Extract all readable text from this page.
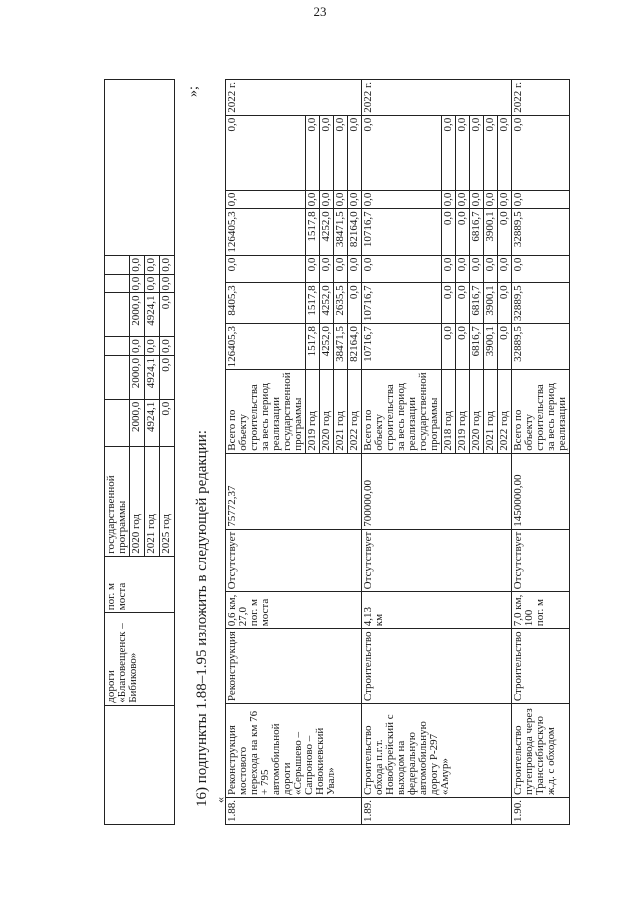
23
	дороги «Благовещенск – Бибиково»	пог. м моста	государственной программы							
			2020 год	2000,0	2000,0	0,0	2000,0	0,0	0,0	
			2021 год	4924,1	4924,1	0,0	4924,1	0,0	0,0	
			2025 год	0,0	0,0	0,0	0,0	0,0	0,0	
16) подпункты 1.88–1.95 изложить в следующей редакции: «
»;
1.88.	Реконструкция мостового перехода на км 76 + 795 автомобильной дороги «Серышево – Сапроново – Новокиевский Увал»	Реконструкция	0,6 км, 27,0 пог. м моста	Отсутствует	75772,37	Всего по объекту строительства за весь период реализации государственной программы	126405,3	8405,3	0,0	126405,3	0,0	0,0	2022 г.
						2019 год	1517,8	1517,8	0,0	1517,8	0,0	0,0	
						2020 год	4252,0	4252,0	0,0	4252,0	0,0	0,0	
						2021 год	38471,5	2635,5	0,0	38471,5	0,0	0,0	
						2022 год	82164,0	0,0	0,0	82164,0	0,0	0,0	
1.89.	Строительство обхода п.г.т. Новобурейский с выходом на федеральную автомобильную дорогу Р-297 «Амур»	Строительство	4,13 км	Отсутствует	700000,00	Всего по объекту строительства за весь период реализации государственной программы	10716,7	10716,7	0,0	10716,7	0,0	0,0	2022 г.
						2018 год	0,0	0,0	0,0	0,0	0,0	0,0	
						2019 год	0,0	0,0	0,0	0,0	0,0	0,0	
						2020 год	6816,7	6816,7	0,0	6816,7	0,0	0,0	
						2021 год	3900,1	3900,1	0,0	3900,1	0,0	0,0	
						2022 год	0,0	0,0	0,0	0,0	0,0	0,0	
1.90.	Строительство путепровода через Транссибирскую ж.д. с обходом	Строительство	7,0 км, 100 пог. м	Отсутствует	1450000,00	Всего по объекту строительства за весь период реализации	32889,5	32889,5	0,0	32889,5	0,0	0,0	2022 г.
